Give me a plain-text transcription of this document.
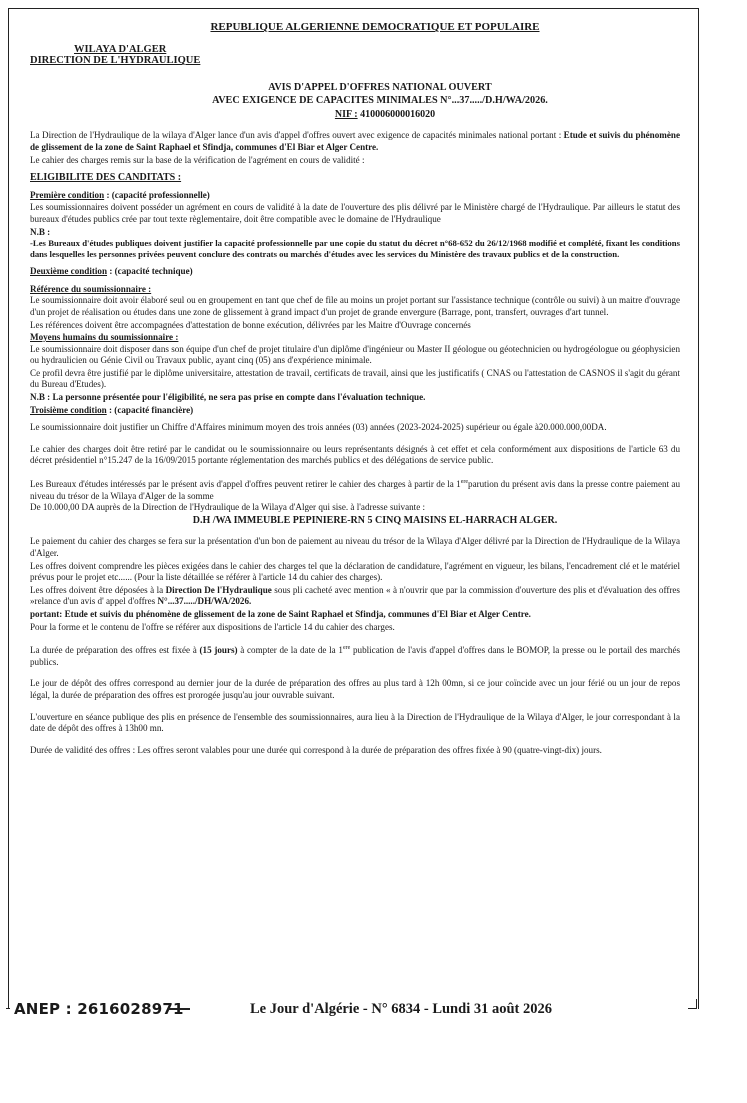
REPUBLIQUE ALGERIENNE DEMOCRATIQUE ET POPULAIRE
WILAYA D'ALGER
DIRECTION DE L'HYDRAULIQUE
AVIS D'APPEL D'OFFRES NATIONAL OUVERT
AVEC EXIGENCE DE CAPACITES MINIMALES N°...37...../D.H/WA/2026.
NIF : 410006000016020

La Direction de l'Hydraulique de la wilaya d'Alger lance d'un avis d'appel d'offres ouvert avec exigence de capacités minimales national portant : Etude et suivis du phénomène de glissement de la zone de Saint Raphael et Sfindja, communes d'El Biar et Alger Centre.

Le cahier des charges remis sur la base de la vérification de l'agrément en cours de validité :

ELIGIBILITE DES CANDITATS :
Première condition : (capacité professionnelle)

Les soumissionnaires doivent posséder un agrément en cours de validité à la date de l'ouverture des plis délivré par le Ministère chargé de l'Hydraulique. Par ailleurs le statut des bureaux d'études publics crée par tout texte règlementaire, doit être compatible avec le domaine de l'Hydraulique

N.B :

-Les Bureaux d'études publiques doivent justifier la capacité professionnelle par une copie du statut du décret n°68-652 du 26/12/1968 modifié et complété, fixant les conditions dans lesquelles les personnes privées peuvent conclure des contrats ou marchés d'études avec les services du Ministère des travaux publics et de la construction.

Deuxième condition : (capacité technique)
Référence du soumissionnaire :

Le soumissionnaire doit avoir élaboré seul ou en groupement en tant que chef de file au moins un projet portant sur l'assistance technique (contrôle ou suivi) à un maitre d'ouvrage d'un projet de réalisation ou études dans une zone de glissement à grand impact d'un projet de grande envergure (Barrage, pont, transfert, ouvrages d'art tunnel.

Les références doivent être accompagnées d'attestation de bonne exécution, délivrées par les Maitre d'Ouvrage concernés

Moyens humains du soumissionnaire :

Le soumissionnaire doit disposer dans son équipe d'un chef de projet titulaire d'un diplôme d'ingénieur ou Master II géologue ou géotechnicien ou hydrogéologue ou géophysicien ou hydraulicien ou Génie Civil ou Travaux public, ayant cinq (05) ans d'expérience minimale.

Ce profil devra être justifié par le diplôme universitaire, attestation de travail, certificats de travail, ainsi que les justificatifs ( CNAS ou l'attestation de CASNOS il s'agit du gérant du Bureau d'Etudes).

N.B : La personne présentée pour l'éligibilité, ne sera pas prise en compte dans l'évaluation technique.

Troisième condition : (capacité financière)

Le soumissionnaire doit justifier un Chiffre d'Affaires minimum moyen des trois années (03) années (2023-2024-2025) supérieur ou égale à20.000.000,00DA.

Le cahier des charges doit être retiré par le candidat ou le soumissionnaire ou leurs représentants désignés à cet effet et cela conformément aux dispositions de l'article 63 du décret présidentiel n°15.247 de la 16/09/2015 portante réglementation des marchés publics et des délégations de service public.

Les Bureaux d'études intéressés par le présent avis d'appel d'offres peuvent retirer le cahier des charges à partir de la 1ereparution du présent avis dans la presse contre paiement au niveau du trésor de la Wilaya d'Alger de la somme
De 10.000,00 DA auprès de la Direction de l'Hydraulique de la Wilaya d'Alger qui sise. à l'adresse suivante :

D.H /WA IMMEUBLE PEPINIERE-RN 5 CINQ MAISINS EL-HARRACH ALGER.

Le paiement du cahier des charges se fera sur la présentation d'un bon de paiement au niveau du trésor de la Wilaya d'Alger délivré par la Direction de l'Hydraulique de la Wilaya d'Alger.

Les offres doivent comprendre les pièces exigées dans le cahier des charges tel que la déclaration de candidature, l'agrément en vigueur, les bilans, l'encadrement clé et le matériel prévus pour le projet etc...... (Pour la liste détaillée se référer à l'article 14 du cahier des charges).

Les offres doivent être déposées à la Direction De l'Hydraulique sous pli cacheté avec mention « à n'ouvrir que par la commission d'ouverture des plis et d'évaluation des offres »relance d'un avis d' appel d'offres N°...37...../DH/WA/2026.

portant: Etude et suivis du phénomène de glissement de la zone de Saint Raphael et Sfindja, communes d'El Biar et Alger Centre.

Pour la forme et le contenu de l'offre se référer aux dispositions de l'article 14 du cahier des charges.

La durée de préparation des offres est fixée à (15 jours) à compter de la date de la 1ere publication de l'avis d'appel d'offres dans le BOMOP, la presse ou le portail des marchés publics.

Le jour de dépôt des offres correspond au dernier jour de la durée de préparation des offres au plus tard à 12h 00mn, si ce jour coïncide avec un jour férié ou un jour de repos légal, la durée de préparation des offres est prorogée jusqu'au jour ouvrable suivant.

L'ouverture en séance publique des plis en présence de l'ensemble des soumissionnaires, aura lieu à la Direction de l'Hydraulique de la Wilaya d'Alger, le jour correspondant à la date de dépôt des offres à 13h00 mn.

Durée de validité des offres : Les offres seront valables pour une durée qui correspond à la durée de préparation des offres fixée à 90 (quatre-vingt-dix) jours.

ANEP : 2616028971	Le Jour d'Algérie - N° 6834 - Lundi 31 août 2026
